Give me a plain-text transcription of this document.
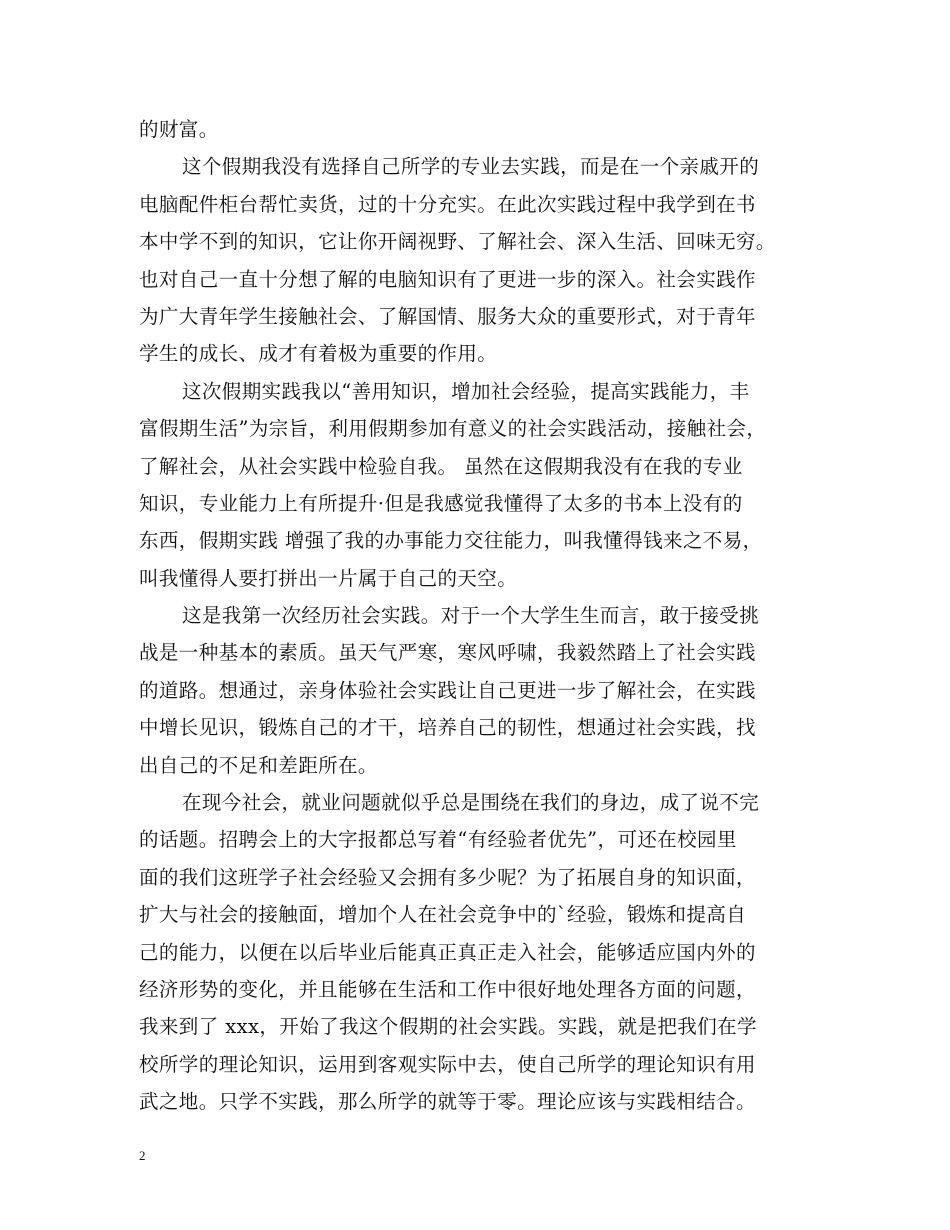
的财富。
这个假期我没有选择自己所学的专业去实践，而是在一个亲戚开的
电脑配件柜台帮忙卖货，过的十分充实。在此次实践过程中我学到在书
本中学不到的知识，它让你开阔视野、了解社会、深入生活、回味无穷。
也对自己一直十分想了解的电脑知识有了更进一步的深入。社会实践作
为广大青年学生接触社会、了解国情、服务大众的重要形式，对于青年
学生的成长、成才有着极为重要的作用。
这次假期实践我以“善用知识，增加社会经验，提高实践能力，丰
富假期生活”为宗旨，利用假期参加有意义的社会实践活动，接触社会，
了解社会，从社会实践中检验自我。 虽然在这假期我没有在我的专业
知识，专业能力上有所提升·但是我感觉我懂得了太多的书本上没有的
东西，假期实践 增强了我的办事能力交往能力，叫我懂得钱来之不易，
叫我懂得人要打拼出一片属于自己的天空。
这是我第一次经历社会实践。对于一个大学生生而言，敢于接受挑
战是一种基本的素质。虽天气严寒，寒风呼啸，我毅然踏上了社会实践
的道路。想通过，亲身体验社会实践让自己更进一步了解社会，在实践
中增长见识，锻炼自己的才干，培养自己的韧性，想通过社会实践，找
出自己的不足和差距所在。
在现今社会，就业问题就似乎总是围绕在我们的身边，成了说不完
的话题。招聘会上的大字报都总写着“有经验者优先”，可还在校园里
面的我们这班学子社会经验又会拥有多少呢？为了拓展自身的知识面，
扩大与社会的接触面，增加个人在社会竞争中的`经验，锻炼和提高自
己的能力，以便在以后毕业后能真正真正走入社会，能够适应国内外的
经济形势的变化，并且能够在生活和工作中很好地处理各方面的问题，
我来到了 xxx，开始了我这个假期的社会实践。实践，就是把我们在学
校所学的理论知识，运用到客观实际中去，使自己所学的理论知识有用
武之地。只学不实践，那么所学的就等于零。理论应该与实践相结合。
2
